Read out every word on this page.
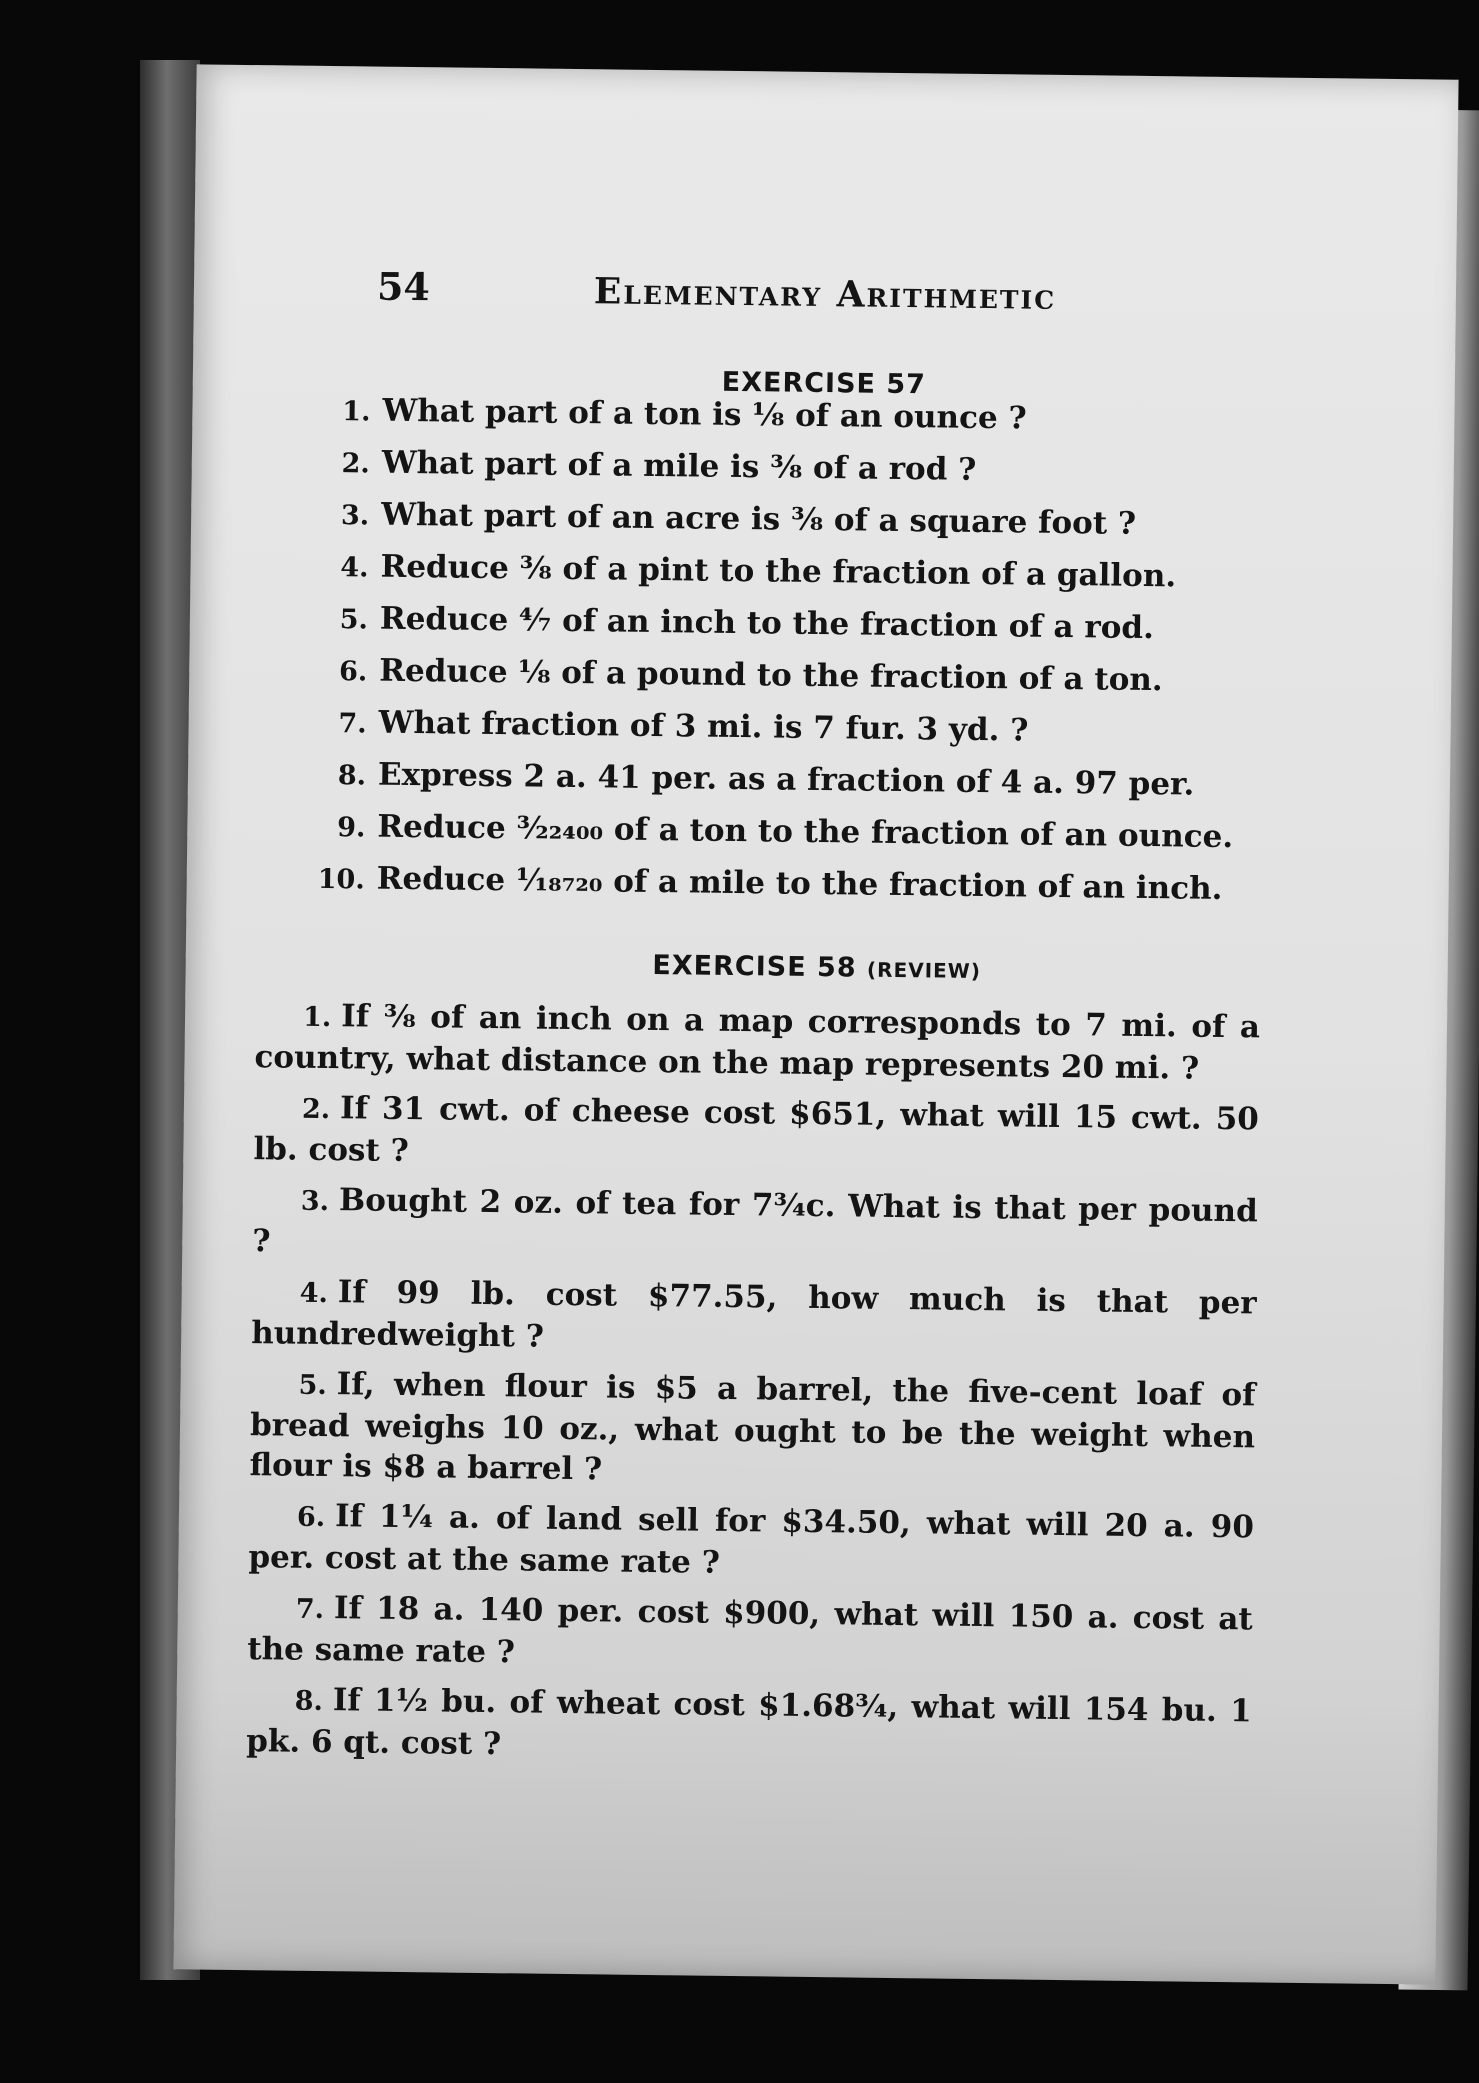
54	Elementary Arithmetic
EXERCISE 57
1. What part of a ton is ⅛ of an ounce ?
2. What part of a mile is ⅜ of a rod ?
3. What part of an acre is ⅜ of a square foot ?
4. Reduce ⅜ of a pint to the fraction of a gallon.
5. Reduce ⁴⁄₇ of an inch to the fraction of a rod.
6. Reduce ⅛ of a pound to the fraction of a ton.
7. What fraction of 3 mi. is 7 fur. 3 yd. ?
8. Express 2 a. 41 per. as a fraction of 4 a. 97 per.
9. Reduce ³⁄₂₂₄₀₀ of a ton to the fraction of an ounce.
10. Reduce ¹⁄₁₈₇₂₀ of a mile to the fraction of an inch.
EXERCISE 58 (REVIEW)
1. If ⅜ of an inch on a map corresponds to 7 mi. of a country, what distance on the map represents 20 mi. ?
2. If 31 cwt. of cheese cost $651, what will 15 cwt. 50 lb. cost ?
3. Bought 2 oz. of tea for 7¾c. What is that per pound ?
4. If 99 lb. cost $77.55, how much is that per hundredweight ?
5. If, when flour is $5 a barrel, the five-cent loaf of bread weighs 10 oz., what ought to be the weight when flour is $8 a barrel ?
6. If 1¼ a. of land sell for $34.50, what will 20 a. 90 per. cost at the same rate ?
7. If 18 a. 140 per. cost $900, what will 150 a. cost at the same rate ?
8. If 1½ bu. of wheat cost $1.68¾, what will 154 bu. 1 pk. 6 qt. cost ?
